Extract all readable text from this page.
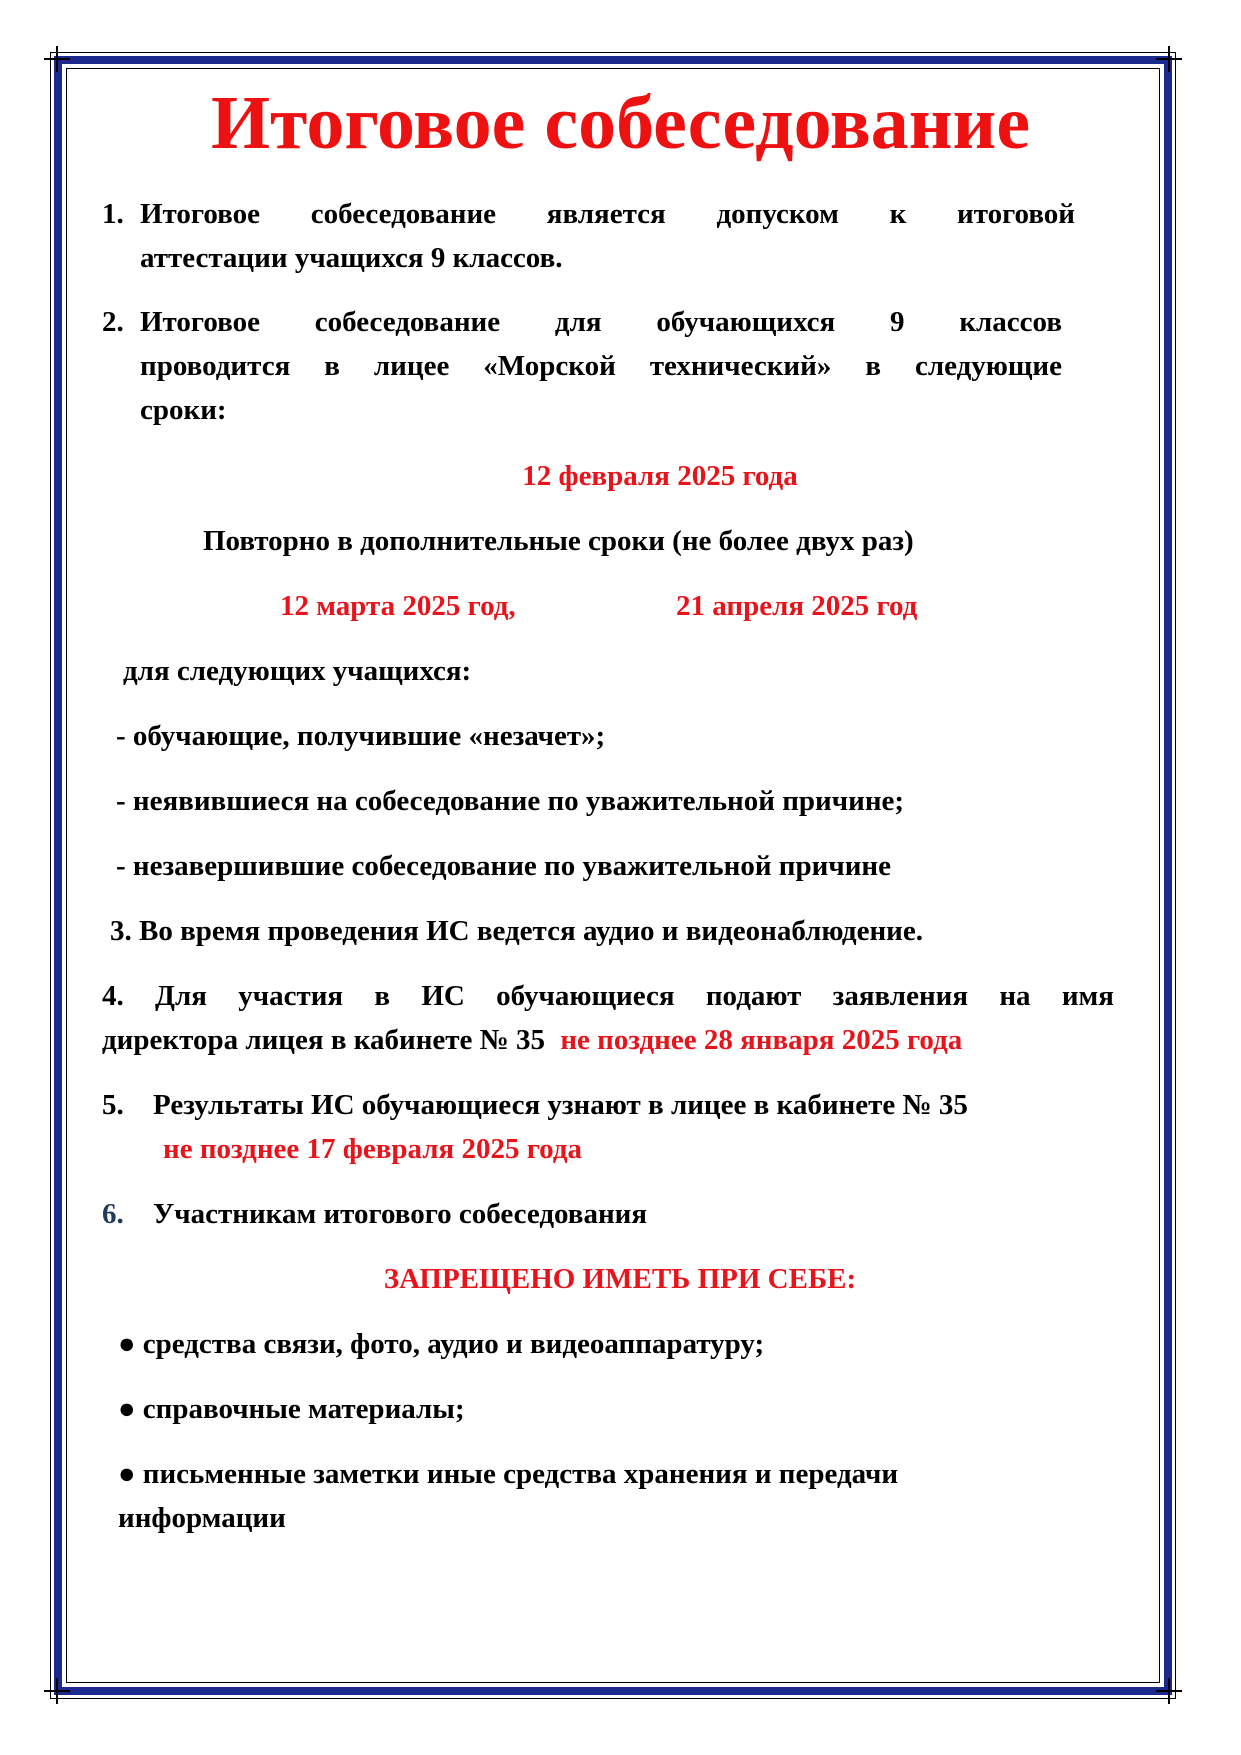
Итоговое собеседование
1. Итоговое собеседование является допуском к итоговой
аттестации учащихся 9 классов.
2. Итоговое собеседование для обучающихся 9 классов
проводится в лицее «Морской технический» в следующие
сроки:
12 февраля 2025 года
Повторно в дополнительные сроки (не более двух раз)
12 марта 2025 год,	21 апреля 2025 год
для следующих учащихся:
- обучающие, получившие «незачет»;
- неявившиеся на собеседование по уважительной причине;
- незавершившие собеседование по уважительной причине
3. Во время проведения ИС ведется аудио и видеонаблюдение.
4. Для участия в ИС обучающиеся подают заявления на имя
директора лицея в кабинете № 35 не позднее 28 января 2025 года
5. Результаты ИС обучающиеся узнают в лицее в кабинете № 35
не позднее 17 февраля 2025 года
6. Участникам итогового собеседования
ЗАПРЕЩЕНО ИМЕТЬ ПРИ СЕБЕ:
● средства связи, фото, аудио и видеоаппаратуру;
● справочные материалы;
● письменные заметки иные средства хранения и передачи
информации
